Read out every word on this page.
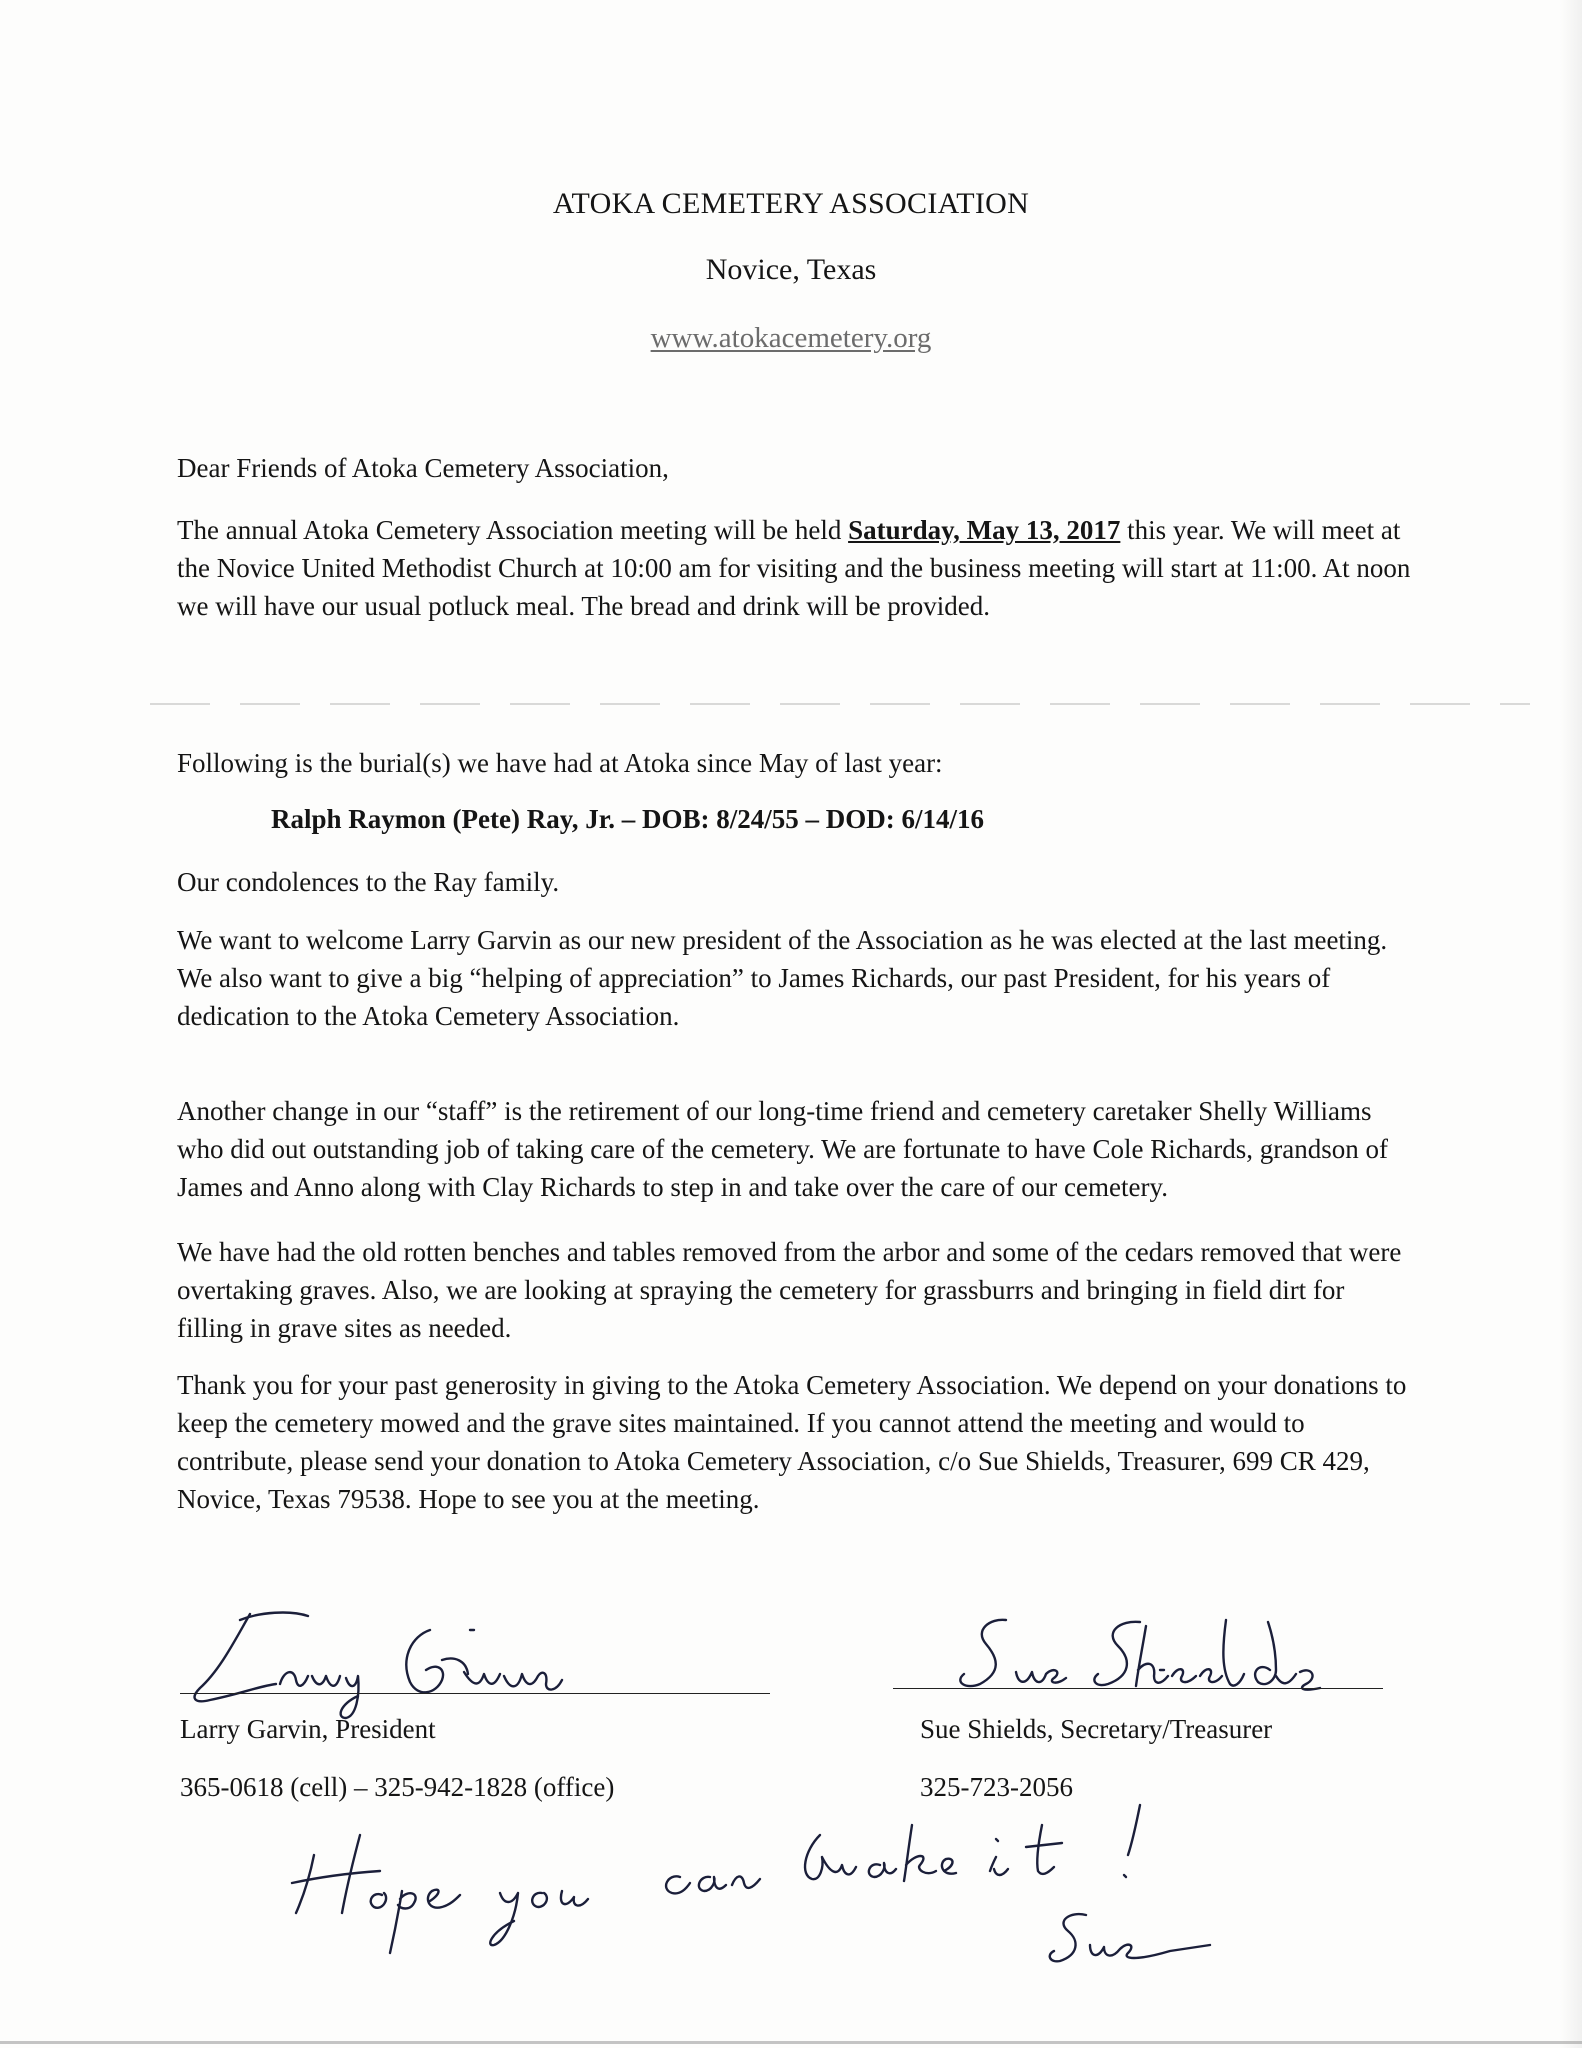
ATOKA CEMETERY ASSOCIATION

Novice, Texas

www.atokacemetery.org

Dear Friends of Atoka Cemetery Association,

The annual Atoka Cemetery Association meeting will be held Saturday, May 13, 2017 this year. We will meet at the Novice United Methodist Church at 10:00 am for visiting and the business meeting will start at 11:00. At noon we will have our usual potluck meal. The bread and drink will be provided.

Following is the burial(s) we have had at Atoka since May of last year:

Ralph Raymon (Pete) Ray, Jr. – DOB: 8/24/55 – DOD: 6/14/16

Our condolences to the Ray family.

We want to welcome Larry Garvin as our new president of the Association as he was elected at the last meeting. We also want to give a big “helping of appreciation” to James Richards, our past President, for his years of dedication to the Atoka Cemetery Association.

Another change in our “staff” is the retirement of our long-time friend and cemetery caretaker Shelly Williams who did out outstanding job of taking care of the cemetery. We are fortunate to have Cole Richards, grandson of James and Anno along with Clay Richards to step in and take over the care of our cemetery.

We have had the old rotten benches and tables removed from the arbor and some of the cedars removed that were overtaking graves. Also, we are looking at spraying the cemetery for grassburrs and bringing in field dirt for filling in grave sites as needed.

Thank you for your past generosity in giving to the Atoka Cemetery Association. We depend on your donations to keep the cemetery mowed and the grave sites maintained. If you cannot attend the meeting and would to contribute, please send your donation to Atoka Cemetery Association, c/o Sue Shields, Treasurer, 699 CR 429, Novice, Texas 79538. Hope to see you at the meeting.

Larry Garvin, President

365-0618 (cell) – 325-942-1828 (office)

Sue Shields, Secretary/Treasurer

325-723-2056
